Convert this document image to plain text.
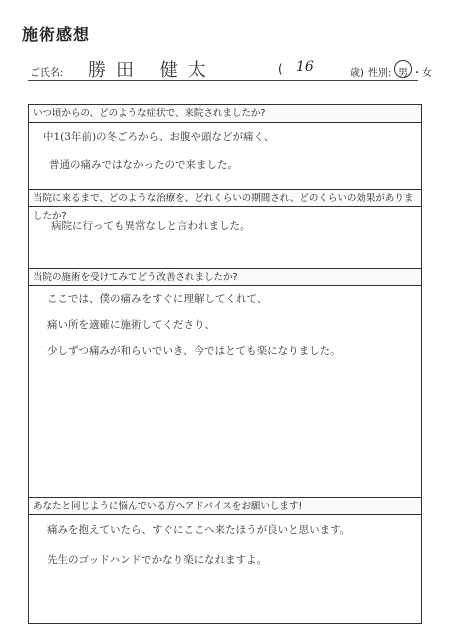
施術感想
ご氏名: 勝田 健太	( 16	歳) 性別: 男 ・ 女
いつ頃からの、どのような症状で、来院されましたか?
中1(3年前)の冬ごろから、お腹や頭などが痛く、
普通の痛みではなかったので来ました。
当院に来るまで、どのような治療を、どれくらいの期間され、どのくらいの効果がありましたか?
病院に行っても異常なしと言われました。
当院の施術を受けてみてどう改善されましたか?
ここでは、僕の痛みをすぐに理解してくれて、
痛い所を適確に施術してくださり、
少しずつ痛みが和らいでいき、今ではとても楽になりました。
あなたと同じように悩んでいる方へアドバイスをお願いします!
痛みを抱えていたら、すぐにここへ来たほうが良いと思います。
先生のゴッドハンドでかなり楽になれますよ。
